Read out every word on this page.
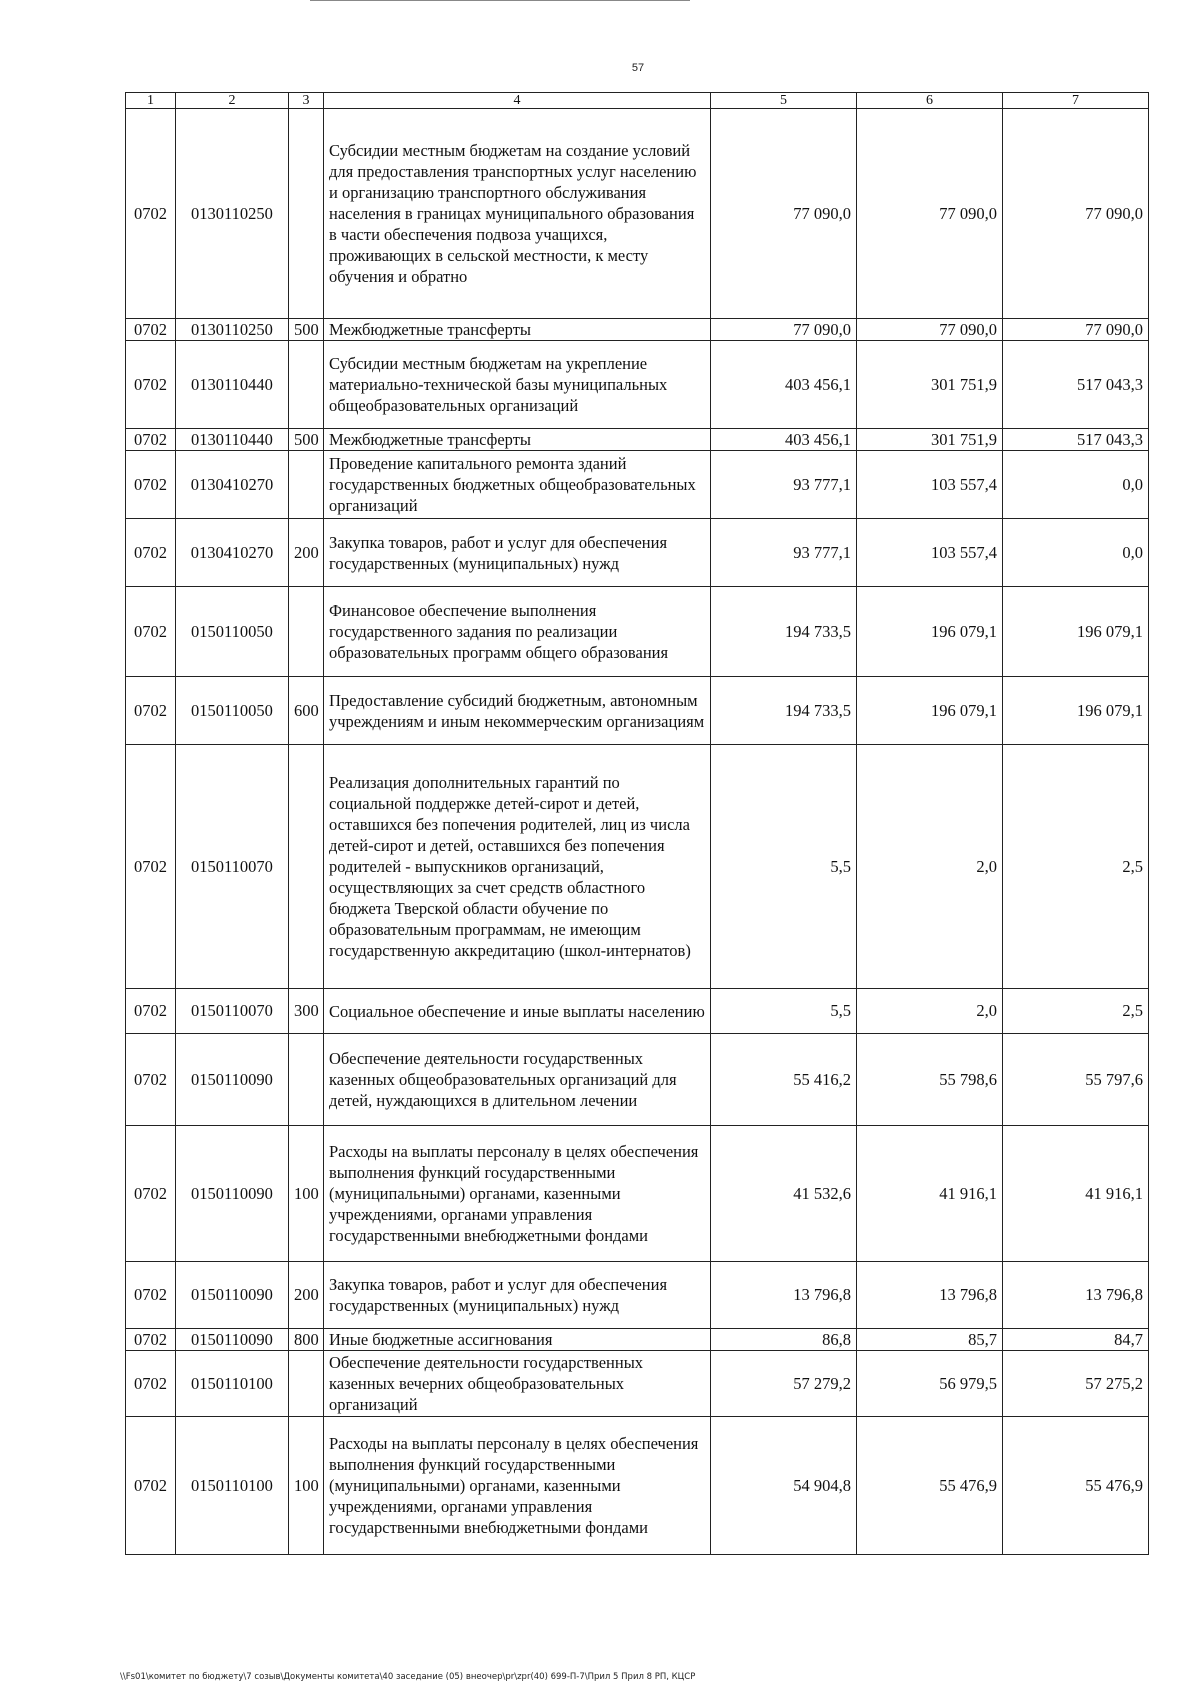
57
1	2	3	4	5	6	7
0702	0130110250		Субсидии местным бюджетам на создание условий для предоставления транспортных услуг населению и организацию транспортного обслуживания населения в границах муниципального образования в части обеспечения подвоза учащихся, проживающих в сельской местности, к месту обучения и обратно	77 090,0	77 090,0	77 090,0
0702	0130110250	500	Межбюджетные трансферты	77 090,0	77 090,0	77 090,0
0702	0130110440		Субсидии местным бюджетам на укрепление материально-технической базы муниципальных общеобразовательных организаций	403 456,1	301 751,9	517 043,3
0702	0130110440	500	Межбюджетные трансферты	403 456,1	301 751,9	517 043,3
0702	0130410270		Проведение капитального ремонта зданий государственных бюджетных общеобразовательных организаций	93 777,1	103 557,4	0,0
0702	0130410270	200	Закупка товаров, работ и услуг для обеспечения государственных (муниципальных) нужд	93 777,1	103 557,4	0,0
0702	0150110050		Финансовое обеспечение выполнения государственного задания по реализации образовательных программ общего образования	194 733,5	196 079,1	196 079,1
0702	0150110050	600	Предоставление субсидий бюджетным, автономным учреждениям и иным некоммерческим организациям	194 733,5	196 079,1	196 079,1
0702	0150110070		Реализация дополнительных гарантий по социальной поддержке детей-сирот и детей, оставшихся без попечения родителей, лиц из числа детей-сирот и детей, оставшихся без попечения родителей - выпускников организаций, осуществляющих за счет средств областного бюджета Тверской области обучение по образовательным программам, не имеющим государственную аккредитацию (школ-интернатов)	5,5	2,0	2,5
0702	0150110070	300	Социальное обеспечение и иные выплаты населению	5,5	2,0	2,5
0702	0150110090		Обеспечение деятельности государственных казенных общеобразовательных организаций для детей, нуждающихся в длительном лечении	55 416,2	55 798,6	55 797,6
0702	0150110090	100	Расходы на выплаты персоналу в целях обеспечения выполнения функций государственными (муниципальными) органами, казенными учреждениями, органами управления государственными внебюджетными фондами	41 532,6	41 916,1	41 916,1
0702	0150110090	200	Закупка товаров, работ и услуг для обеспечения государственных (муниципальных) нужд	13 796,8	13 796,8	13 796,8
0702	0150110090	800	Иные бюджетные ассигнования	86,8	85,7	84,7
0702	0150110100		Обеспечение деятельности государственных казенных вечерних общеобразовательных организаций	57 279,2	56 979,5	57 275,2
0702	0150110100	100	Расходы на выплаты персоналу в целях обеспечения выполнения функций государственными (муниципальными) органами, казенными учреждениями, органами управления государственными внебюджетными фондами	54 904,8	55 476,9	55 476,9
\\Fs01\комитет по бюджету\7 созыв\Документы комитета\40 заседание (05) внеочер\pr\zpr(40) 699-П-7\Прил 5 Прил 8 РП, КЦСР
